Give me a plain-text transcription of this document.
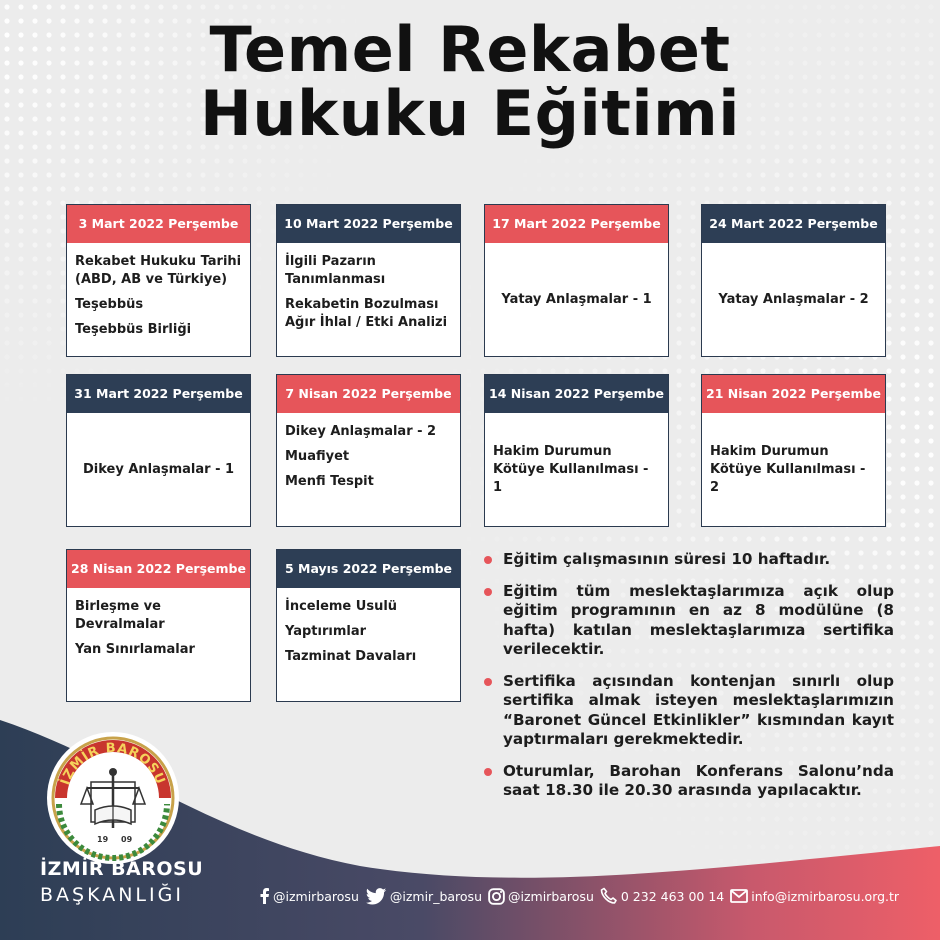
Temel Rekabet
Hukuku Eğitimi
3 Mart 2022 Perşembe

Rekabet Hukuku Tarihi (ABD, AB ve Türkiye)

Teşebbüs

Teşebbüs Birliği

10 Mart 2022 Perşembe

İlgili Pazarın Tanımlanması

Rekabetin Bozulması Ağır İhlal / Etki Analizi

17 Mart 2022 Perşembe

Yatay Anlaşmalar - 1

24 Mart 2022 Perşembe

Yatay Anlaşmalar - 2

31 Mart 2022 Perşembe

Dikey Anlaşmalar - 1

7 Nisan 2022 Perşembe

Dikey Anlaşmalar - 2

Muafiyet

Menfi Tespit

14 Nisan 2022 Perşembe

Hakim Durumun Kötüye Kullanılması - 1

21 Nisan 2022 Perşembe

Hakim Durumun Kötüye Kullanılması - 2

28 Nisan 2022 Perşembe

Birleşme ve Devralmalar

Yan Sınırlamalar

5 Mayıs 2022 Perşembe

İnceleme Usulü

Yaptırımlar

Tazminat Davaları

Eğitim çalışmasının süresi 10 haftadır.
Eğitim tüm meslektaşlarımıza açık olup eğitim programının en az 8 modülüne (8 hafta) katılan meslektaşlarımıza sertifika verilecektir.
Sertifika açısından kontenjan sınırlı olup sertifika almak isteyen meslektaşlarımızın “Baronet Güncel Etkinlikler” kısmından kayıt yaptırmaları gerekmektedir.
Oturumlar, Barohan Konferans Salonu’nda saat 18.30 ile 20.30 arasında yapılacaktır.
İZMİR BAROSU
19 09
İZMİR BAROSU
BAŞKANLIĞI	@izmirbarosu @izmir_barosu @izmirbarosu 0 232 463 00 14 info@izmirbarosu.org.tr
